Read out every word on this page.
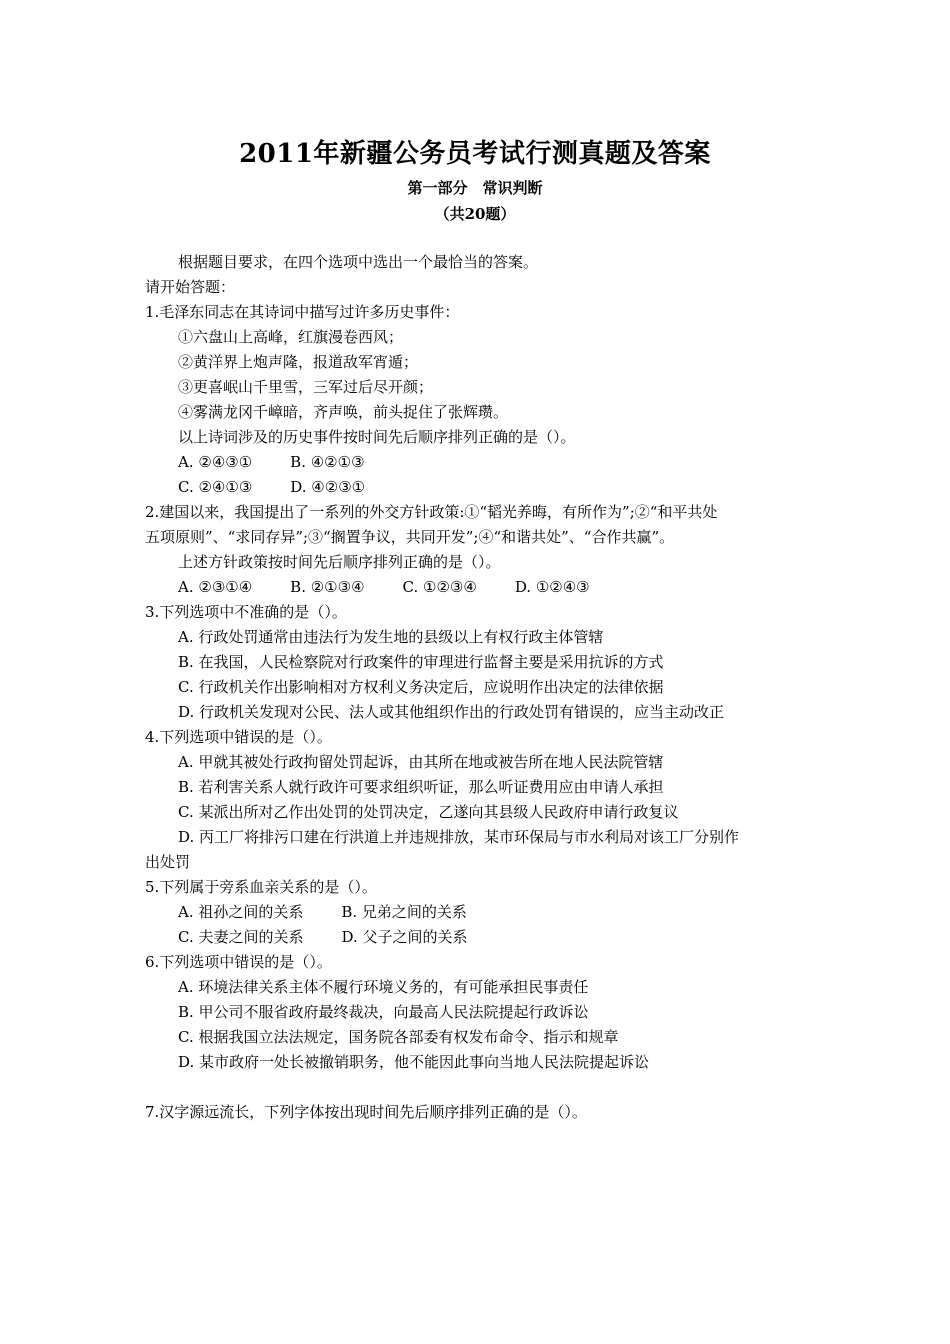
2011年新疆公务员考试行测真题及答案
第一部分　常识判断
（共20题）
根据题目要求，在四个选项中选出一个最恰当的答案。
请开始答题：
1.毛泽东同志在其诗词中描写过许多历史事件：
①六盘山上高峰，红旗漫卷西风；
②黄洋界上炮声隆，报道敌军宵遁；
③更喜岷山千里雪，三军过后尽开颜；
④雾满龙冈千嶂暗，齐声唤，前头捉住了张辉瓒。
以上诗词涉及的历史事件按时间先后顺序排列正确的是（）。
A. ②④③①	B. ④②①③
C. ②④①③	D. ④②③①
2.建国以来，我国提出了一系列的外交方针政策:①“韬光养晦，有所作为”;②“和平共处
五项原则”、“求同存异”;③“搁置争议，共同开发”;④“和谐共处”、“合作共赢”。
上述方针政策按时间先后顺序排列正确的是（）。
A. ②③①④	B. ②①③④	C. ①②③④	D. ①②④③
3.下列选项中不准确的是（）。
A. 行政处罚通常由违法行为发生地的县级以上有权行政主体管辖
B. 在我国，人民检察院对行政案件的审理进行监督主要是采用抗诉的方式
C. 行政机关作出影响相对方权利义务决定后，应说明作出决定的法律依据
D. 行政机关发现对公民、法人或其他组织作出的行政处罚有错误的，应当主动改正
4.下列选项中错误的是（）。
A. 甲就其被处行政拘留处罚起诉，由其所在地或被告所在地人民法院管辖
B. 若利害关系人就行政许可要求组织听证，那么听证费用应由申请人承担
C. 某派出所对乙作出处罚的处罚决定，乙遂向其县级人民政府申请行政复议
D. 丙工厂将排污口建在行洪道上并违规排放，某市环保局与市水利局对该工厂分别作
出处罚
5.下列属于旁系血亲关系的是（）。
A. 祖孙之间的关系	B. 兄弟之间的关系
C. 夫妻之间的关系	D. 父子之间的关系
6.下列选项中错误的是（）。
A. 环境法律关系主体不履行环境义务的，有可能承担民事责任
B. 甲公司不服省政府最终裁决，向最高人民法院提起行政诉讼
C. 根据我国立法法规定，国务院各部委有权发布命令、指示和规章
D. 某市政府一处长被撤销职务，他不能因此事向当地人民法院提起诉讼
7.汉字源远流长，下列字体按出现时间先后顺序排列正确的是（）。
